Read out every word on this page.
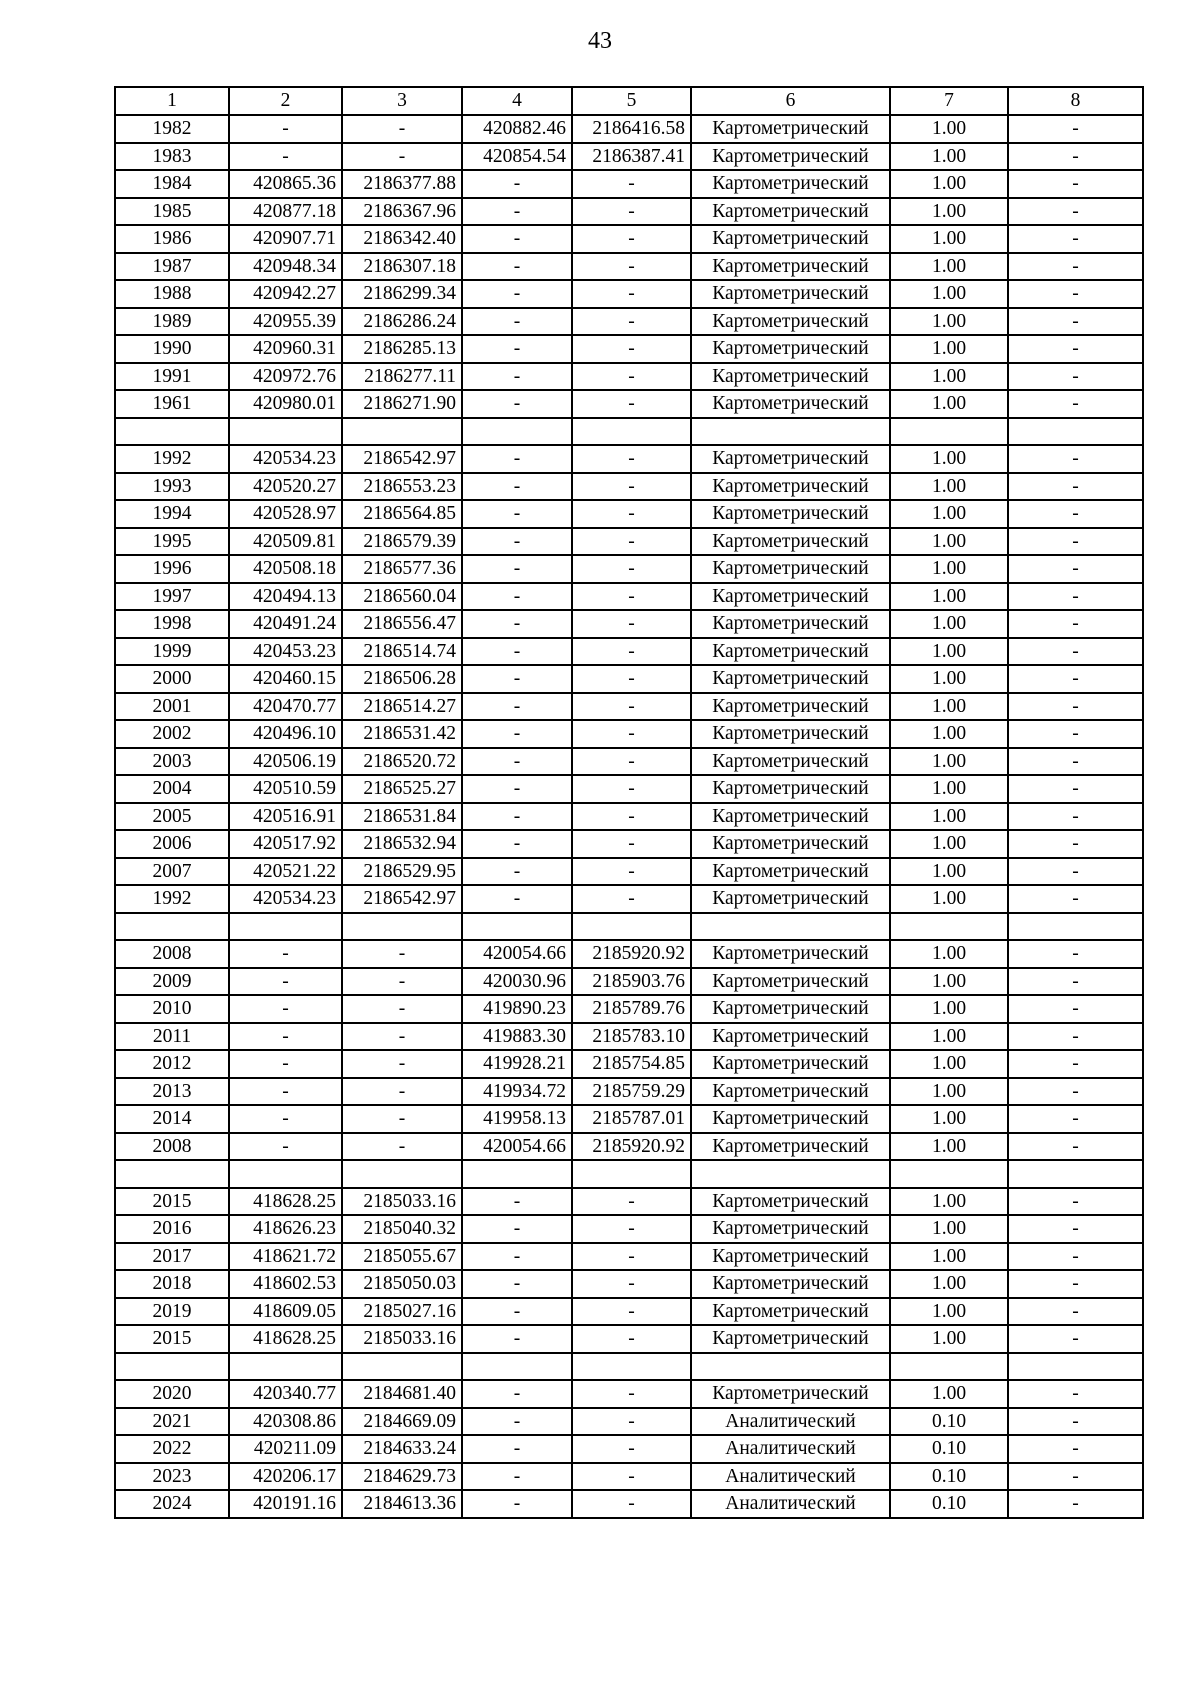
43
1	2	3	4	5	6	7	8
1982	-	-	420882.46	2186416.58	Картометрический	1.00	-
1983	-	-	420854.54	2186387.41	Картометрический	1.00	-
1984	420865.36	2186377.88	-	-	Картометрический	1.00	-
1985	420877.18	2186367.96	-	-	Картометрический	1.00	-
1986	420907.71	2186342.40	-	-	Картометрический	1.00	-
1987	420948.34	2186307.18	-	-	Картометрический	1.00	-
1988	420942.27	2186299.34	-	-	Картометрический	1.00	-
1989	420955.39	2186286.24	-	-	Картометрический	1.00	-
1990	420960.31	2186285.13	-	-	Картометрический	1.00	-
1991	420972.76	2186277.11	-	-	Картометрический	1.00	-
1961	420980.01	2186271.90	-	-	Картометрический	1.00	-

1992	420534.23	2186542.97	-	-	Картометрический	1.00	-
1993	420520.27	2186553.23	-	-	Картометрический	1.00	-
1994	420528.97	2186564.85	-	-	Картометрический	1.00	-
1995	420509.81	2186579.39	-	-	Картометрический	1.00	-
1996	420508.18	2186577.36	-	-	Картометрический	1.00	-
1997	420494.13	2186560.04	-	-	Картометрический	1.00	-
1998	420491.24	2186556.47	-	-	Картометрический	1.00	-
1999	420453.23	2186514.74	-	-	Картометрический	1.00	-
2000	420460.15	2186506.28	-	-	Картометрический	1.00	-
2001	420470.77	2186514.27	-	-	Картометрический	1.00	-
2002	420496.10	2186531.42	-	-	Картометрический	1.00	-
2003	420506.19	2186520.72	-	-	Картометрический	1.00	-
2004	420510.59	2186525.27	-	-	Картометрический	1.00	-
2005	420516.91	2186531.84	-	-	Картометрический	1.00	-
2006	420517.92	2186532.94	-	-	Картометрический	1.00	-
2007	420521.22	2186529.95	-	-	Картометрический	1.00	-
1992	420534.23	2186542.97	-	-	Картометрический	1.00	-

2008	-	-	420054.66	2185920.92	Картометрический	1.00	-
2009	-	-	420030.96	2185903.76	Картометрический	1.00	-
2010	-	-	419890.23	2185789.76	Картометрический	1.00	-
2011	-	-	419883.30	2185783.10	Картометрический	1.00	-
2012	-	-	419928.21	2185754.85	Картометрический	1.00	-
2013	-	-	419934.72	2185759.29	Картометрический	1.00	-
2014	-	-	419958.13	2185787.01	Картометрический	1.00	-
2008	-	-	420054.66	2185920.92	Картометрический	1.00	-

2015	418628.25	2185033.16	-	-	Картометрический	1.00	-
2016	418626.23	2185040.32	-	-	Картометрический	1.00	-
2017	418621.72	2185055.67	-	-	Картометрический	1.00	-
2018	418602.53	2185050.03	-	-	Картометрический	1.00	-
2019	418609.05	2185027.16	-	-	Картометрический	1.00	-
2015	418628.25	2185033.16	-	-	Картометрический	1.00	-

2020	420340.77	2184681.40	-	-	Картометрический	1.00	-
2021	420308.86	2184669.09	-	-	Аналитический	0.10	-
2022	420211.09	2184633.24	-	-	Аналитический	0.10	-
2023	420206.17	2184629.73	-	-	Аналитический	0.10	-
2024	420191.16	2184613.36	-	-	Аналитический	0.10	-
